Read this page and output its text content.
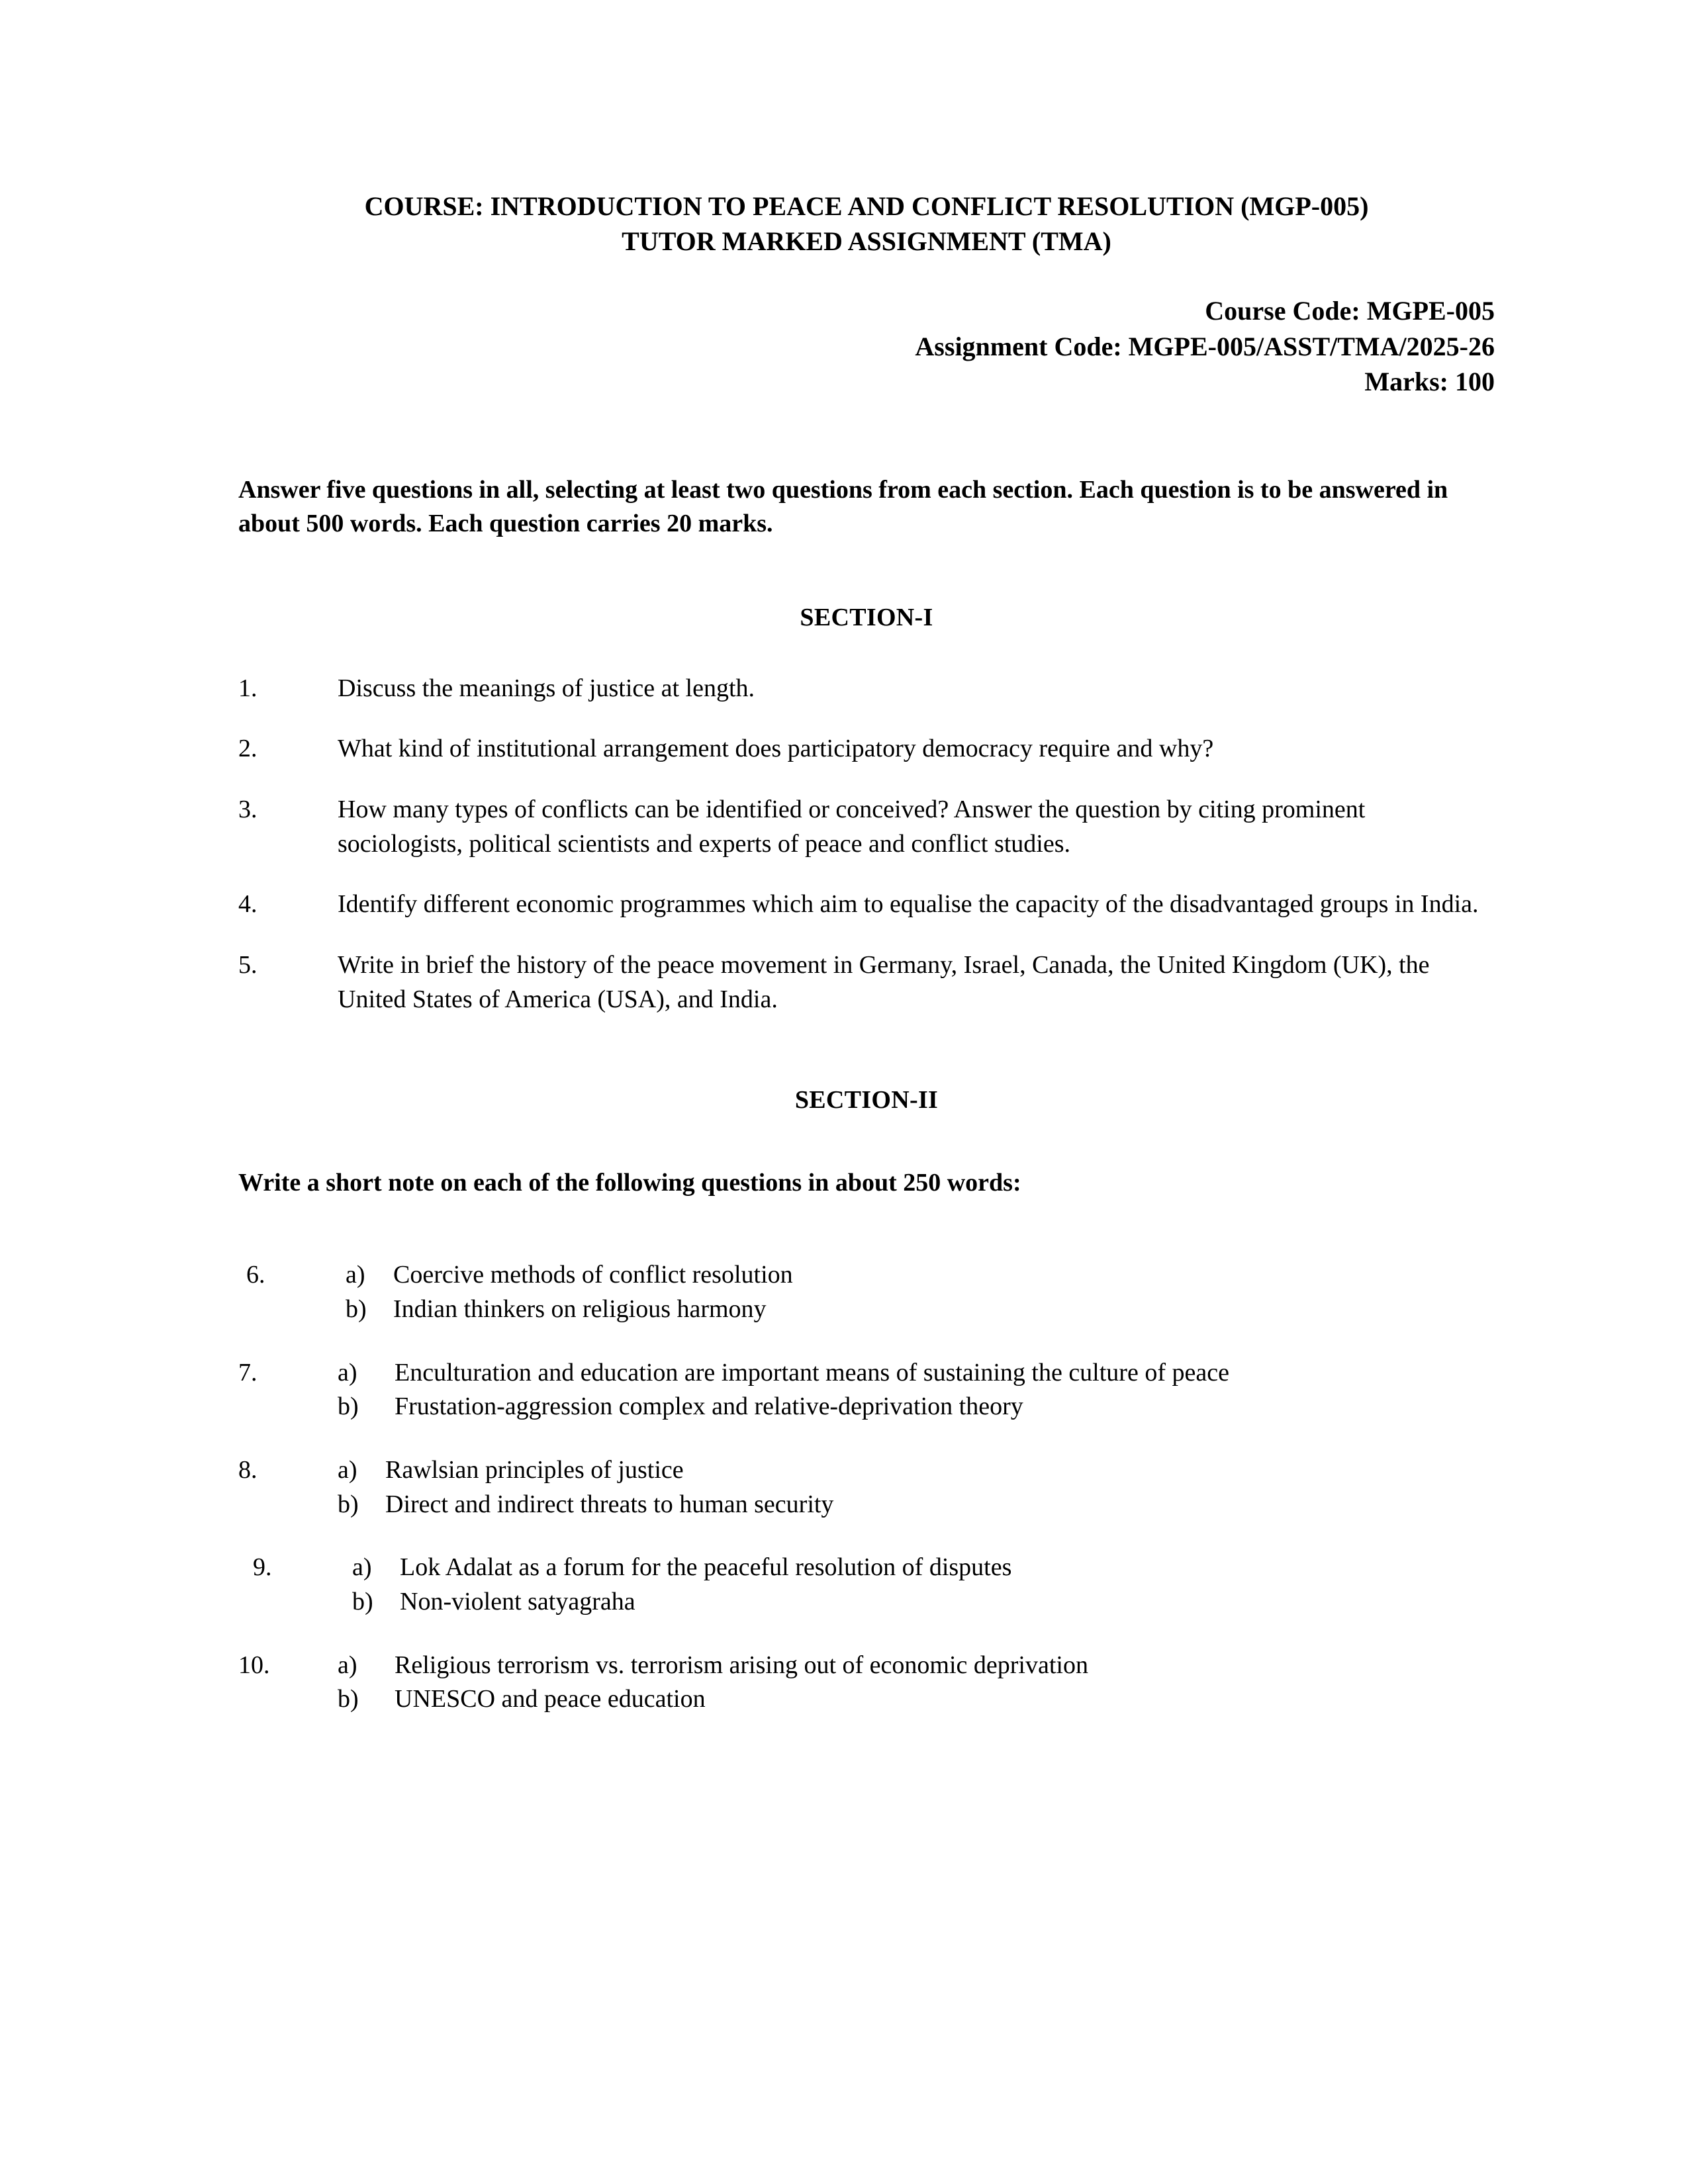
COURSE: INTRODUCTION TO PEACE AND CONFLICT RESOLUTION (MGP-005)
TUTOR MARKED ASSIGNMENT (TMA)
Course Code: MGPE-005
Assignment Code: MGPE-005/ASST/TMA/2025-26
Marks: 100
Answer five questions in all, selecting at least two questions from each section. Each question is to be answered in about 500 words. Each question carries 20 marks.
SECTION-I
1.	Discuss the meanings of justice at length.
2.	What kind of institutional arrangement does participatory democracy require and why?
3.	How many types of conflicts can be identified or conceived? Answer the question by citing prominent sociologists, political scientists and experts of peace and conflict studies.
4.	Identify different economic programmes which aim to equalise the capacity of the disadvantaged groups in India.
5.	Write in brief the history of the peace movement in Germany, Israel, Canada, the United Kingdom (UK), the United States of America (USA), and India.
SECTION-II
Write a short note on each of the following questions in about 250 words:
6.	a)	Coercive methods of conflict resolution
b)	Indian thinkers on religious harmony
7.	a)	Enculturation and education are important means of sustaining the culture of peace
b)	Frustation-aggression complex and relative-deprivation theory
8.	a)	Rawlsian principles of justice
b)	Direct and indirect threats to human security
9.	a)	Lok Adalat as a forum for the peaceful resolution of disputes
b)	Non-violent satyagraha
10.	a)	Religious terrorism vs. terrorism arising out of economic deprivation
b)	UNESCO and peace education
